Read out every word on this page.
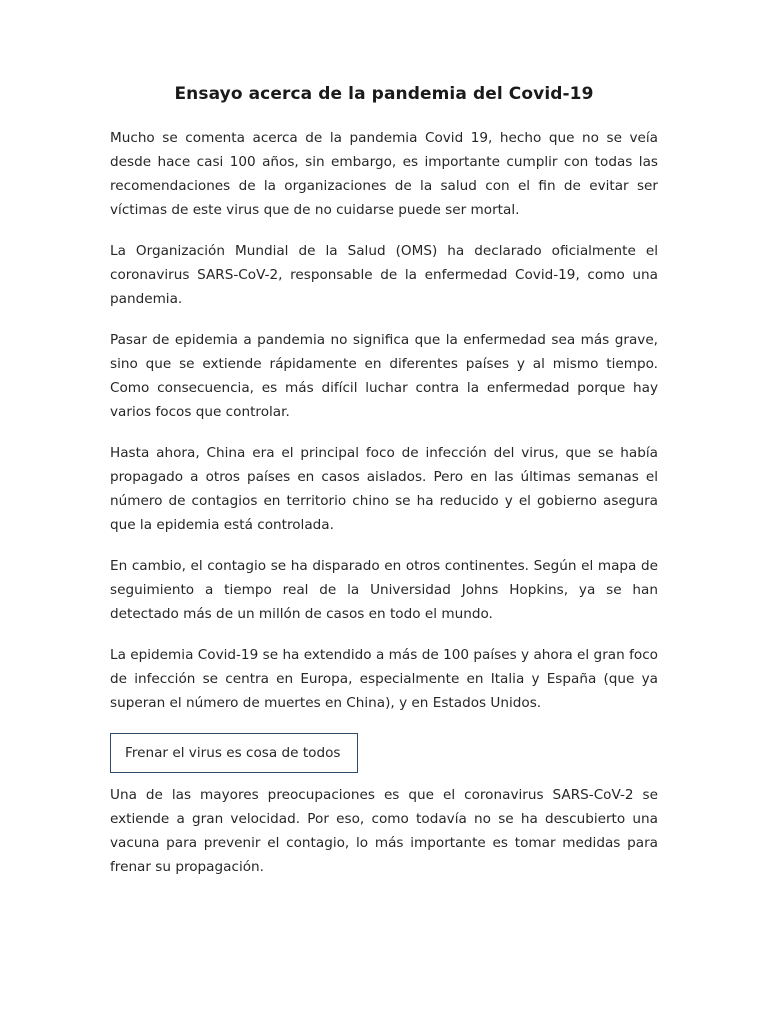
Ensayo acerca de la pandemia del Covid-19

Mucho se comenta acerca de la pandemia Covid 19, hecho que no se veía desde hace casi 100 años, sin embargo, es importante cumplir con todas las recomendaciones de la organizaciones de la salud con el fin de evitar ser víctimas de este virus que de no cuidarse puede ser mortal.

La Organización Mundial de la Salud (OMS) ha declarado oficialmente el coronavirus SARS-CoV-2, responsable de la enfermedad Covid-19, como una pandemia.

Pasar de epidemia a pandemia no significa que la enfermedad sea más grave, sino que se extiende rápidamente en diferentes países y al mismo tiempo. Como consecuencia, es más difícil luchar contra la enfermedad porque hay varios focos que controlar.

Hasta ahora, China era el principal foco de infección del virus, que se había propagado a otros países en casos aislados. Pero en las últimas semanas el número de contagios en territorio chino se ha reducido y el gobierno asegura que la epidemia está controlada.

En cambio, el contagio se ha disparado en otros continentes. Según el mapa de seguimiento a tiempo real de la Universidad Johns Hopkins, ya se han detectado más de un millón de casos en todo el mundo.

La epidemia Covid-19 se ha extendido a más de 100 países y ahora el gran foco de infección se centra en Europa, especialmente en Italia y España (que ya superan el número de muertes en China), y en Estados Unidos.

Frenar el virus es cosa de todos

Una de las mayores preocupaciones es que el coronavirus SARS-CoV-2 se extiende a gran velocidad. Por eso, como todavía no se ha descubierto una vacuna para prevenir el contagio, lo más importante es tomar medidas para frenar su propagación.
